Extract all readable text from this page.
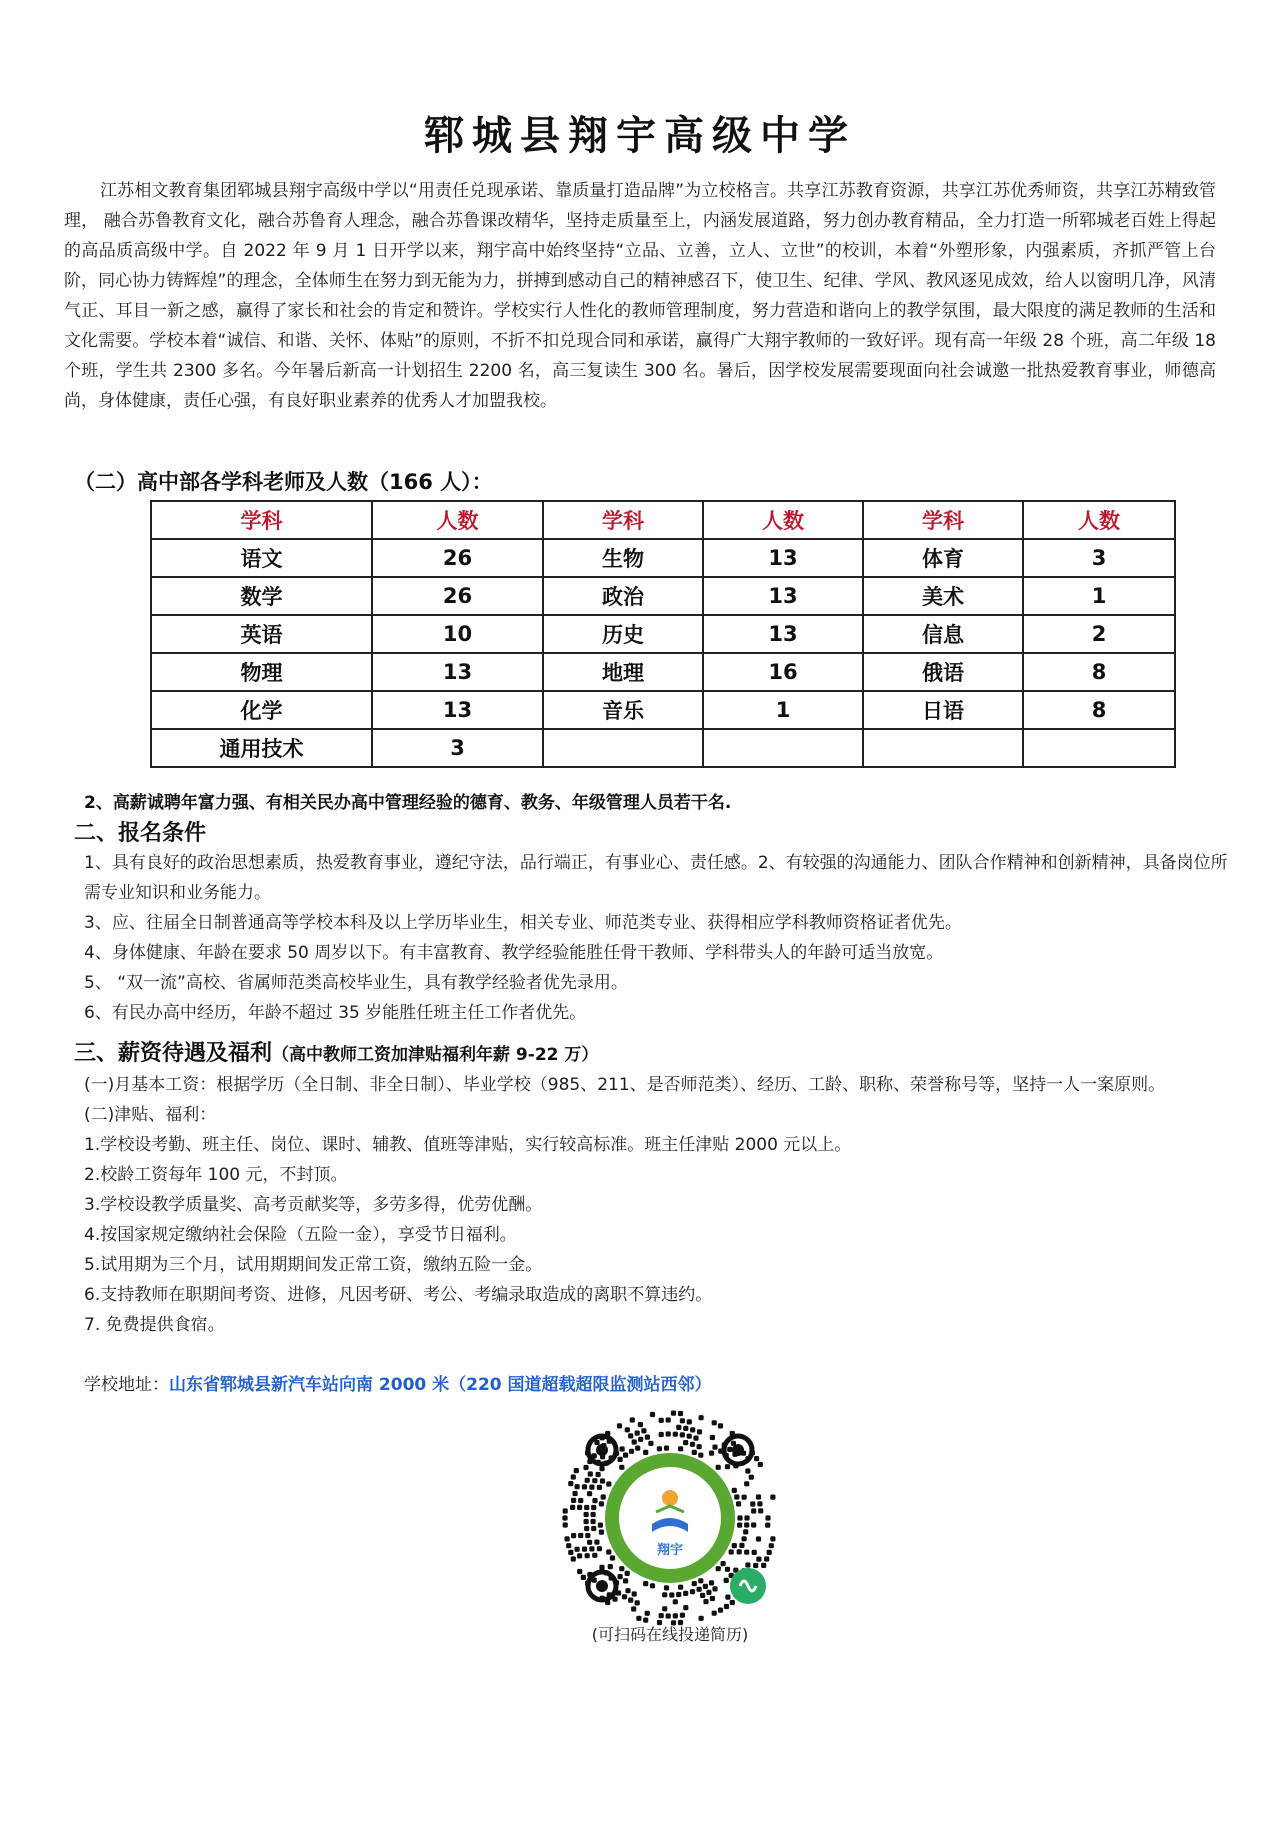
郓城县翔宇高级中学
江苏相文教育集团郓城县翔宇高级中学以“用责任兑现承诺、靠质量打造品牌”为立校格言。共享江苏教育资源，共享江苏优秀师资，共享江苏精致管理， 融合苏鲁教育文化，融合苏鲁育人理念，融合苏鲁课改精华，坚持走质量至上，内涵发展道路，努力创办教育精品，全力打造一所郓城老百姓上得起的高品质高级中学。自 2022 年 9 月 1 日开学以来，翔宇高中始终坚持“立品、立善，立人、立世”的校训，本着“外塑形象，内强素质，齐抓严管上台阶，同心协力铸辉煌”的理念，全体师生在努力到无能为力，拼搏到感动自己的精神感召下，使卫生、纪律、学风、教风逐见成效，给人以窗明几净，风清气正、耳目一新之感，赢得了家长和社会的肯定和赞许。学校实行人性化的教师管理制度，努力营造和谐向上的教学氛围，最大限度的满足教师的生活和文化需要。学校本着“诚信、和谐、关怀、体贴”的原则，不折不扣兑现合同和承诺，赢得广大翔宇教师的一致好评。现有高一年级 28 个班，高二年级 18 个班，学生共 2300 多名。今年暑后新高一计划招生 2200 名，高三复读生 300 名。暑后，因学校发展需要现面向社会诚邀一批热爱教育事业，师德高尚，身体健康，责任心强，有良好职业素养的优秀人才加盟我校。
（二）高中部各学科老师及人数（166 人）：
学科	人数	学科	人数	学科	人数
语文	26	生物	13	体育	3
数学	26	政治	13	美术	1
英语	10	历史	13	信息	2
物理	13	地理	16	俄语	8
化学	13	音乐	1	日语	8
通用技术	3				
2、高薪诚聘年富力强、有相关民办高中管理经验的德育、教务、年级管理人员若干名.
二、报名条件

1、具有良好的政治思想素质，热爱教育事业，遵纪守法，品行端正，有事业心、责任感。2、有较强的沟通能力、团队合作精神和创新精神，具备岗位所需专业知识和业务能力。

3、应、往届全日制普通高等学校本科及以上学历毕业生，相关专业、师范类专业、获得相应学科教师资格证者优先。

4、身体健康、年龄在要求 50 周岁以下。有丰富教育、教学经验能胜任骨干教师、学科带头人的年龄可适当放宽。

5、 “双一流”高校、省属师范类高校毕业生，具有教学经验者优先录用。

6、有民办高中经历，年龄不超过 35 岁能胜任班主任工作者优先。

三、薪资待遇及福利（高中教师工资加津贴福利年薪 9-22 万）

(一)月基本工资：根据学历（全日制、非全日制）、毕业学校（985、211、是否师范类）、经历、工龄、职称、荣誉称号等，坚持一人一案原则。

(二)津贴、福利：

1.学校设考勤、班主任、岗位、课时、辅教、值班等津贴，实行较高标准。班主任津贴 2000 元以上。

2.校龄工资每年 100 元，不封顶。

3.学校设教学质量奖、高考贡献奖等，多劳多得，优劳优酬。

4.按国家规定缴纳社会保险（五险一金），享受节日福利。

5.试用期为三个月，试用期期间发正常工资，缴纳五险一金。

6.支持教师在职期间考资、进修，凡因考研、考公、考编录取造成的离职不算违约。

7. 免费提供食宿。

学校地址：山东省郓城县新汽车站向南 2000 米（220 国道超载超限监测站西邻）
翔宇
(可扫码在线投递简历)
